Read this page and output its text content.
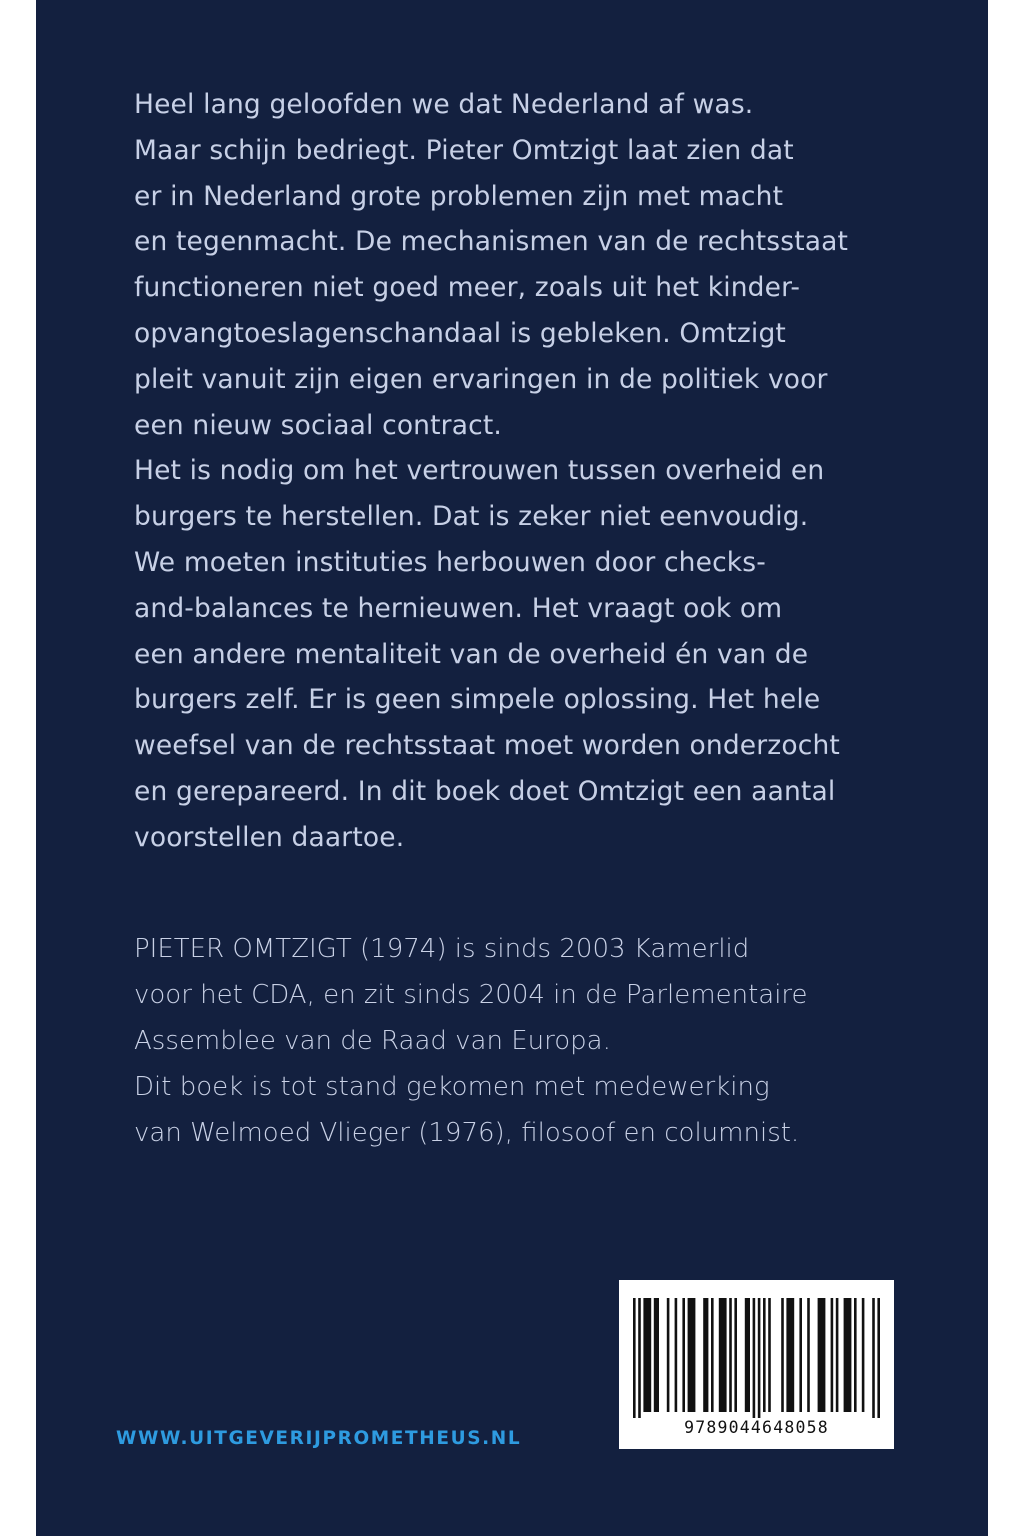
Heel lang geloofden we dat Nederland af was.
Maar schijn bedriegt. Pieter Omtzigt laat zien dat
er in Nederland grote problemen zijn met macht
en tegenmacht. De mechanismen van de rechtsstaat
functioneren niet goed meer, zoals uit het kinder-
opvangtoeslagenschandaal is gebleken. Omtzigt
pleit vanuit zijn eigen ervaringen in de politiek voor
een nieuw sociaal contract.
Het is nodig om het vertrouwen tussen overheid en
burgers te herstellen. Dat is zeker niet eenvoudig.
We moeten instituties herbouwen door checks-
and-balances te hernieuwen. Het vraagt ook om
een andere mentaliteit van de overheid én van de
burgers zelf. Er is geen simpele oplossing. Het hele
weefsel van de rechtsstaat moet worden onderzocht
en gerepareerd. In dit boek doet Omtzigt een aantal
voorstellen daartoe.
PIETER OMTZIGT (1974) is sinds 2003 Kamerlid
voor het CDA, en zit sinds 2004 in de Parlementaire
Assemblee van de Raad van Europa.
Dit boek is tot stand gekomen met medewerking
van Welmoed Vlieger (1976), filosoof en columnist.
WWW.UITGEVERIJPROMETHEUS.NL
9789044648058
